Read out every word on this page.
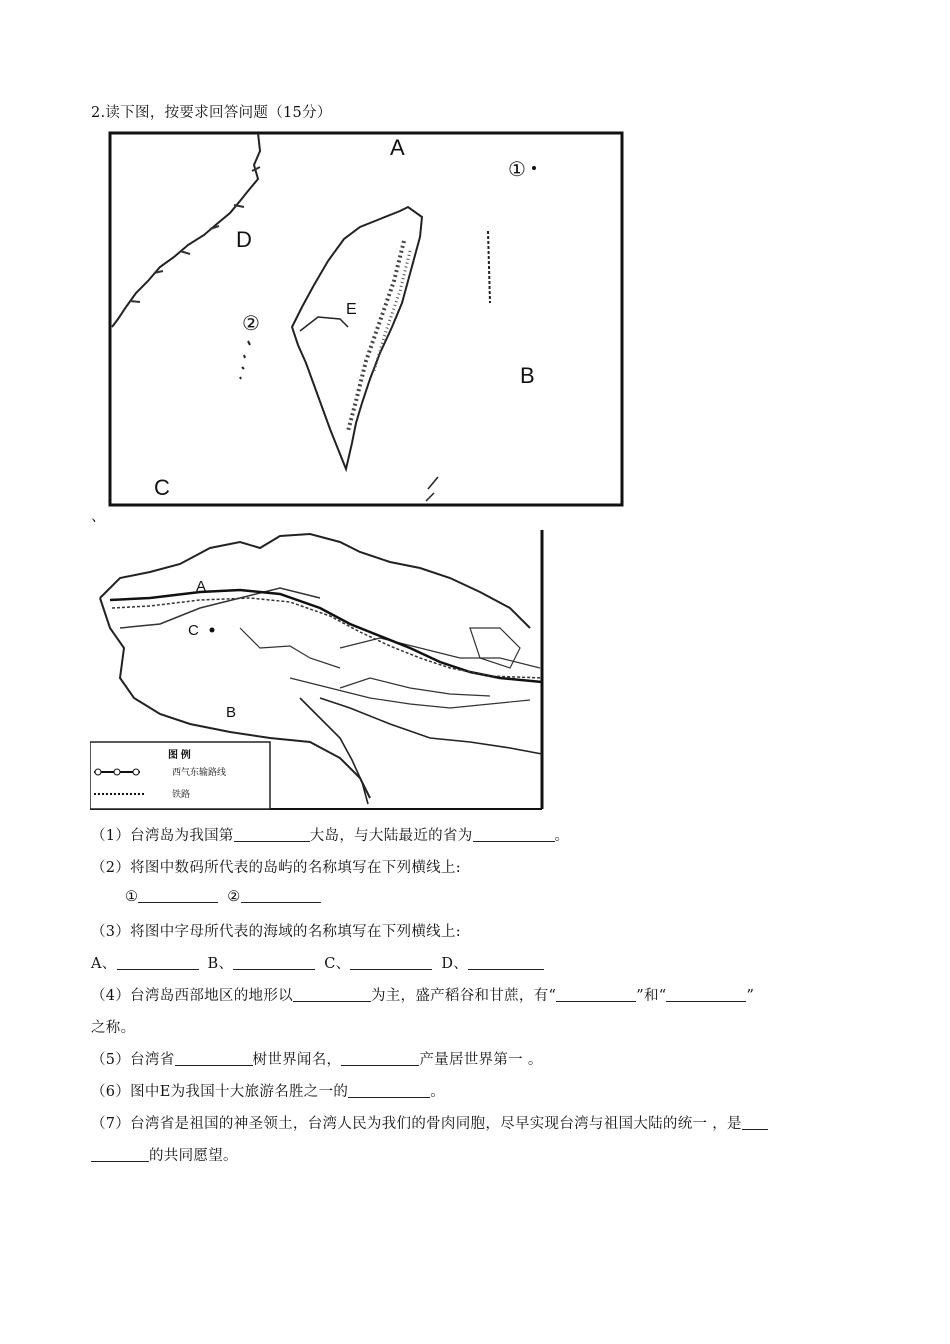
2.读下图，按要求回答问题（15分）
A
①
D
E
②
B
C
、
A
C
B
图 例
西气东输路线
铁路
（1）台湾岛为我国第	大岛，与大陆最近的省为	。
（2）将图中数码所代表的岛屿的名称填写在下列横线上:
①	②
（3）将图中字母所代表的海域的名称填写在下列横线上:
A、	B、	C、	D、
（4）台湾岛西部地区的地形以	为主，盛产稻谷和甘蔗，有“	”和“	”
之称。
（5）台湾省	树世界闻名，	产量居世界第一 。
（6）图中E为我国十大旅游名胜之一的	。
（7）台湾省是祖国的神圣领土，台湾人民为我们的骨肉同胞，尽早实现台湾与祖国大陆的统一 ，是
的共同愿望。
